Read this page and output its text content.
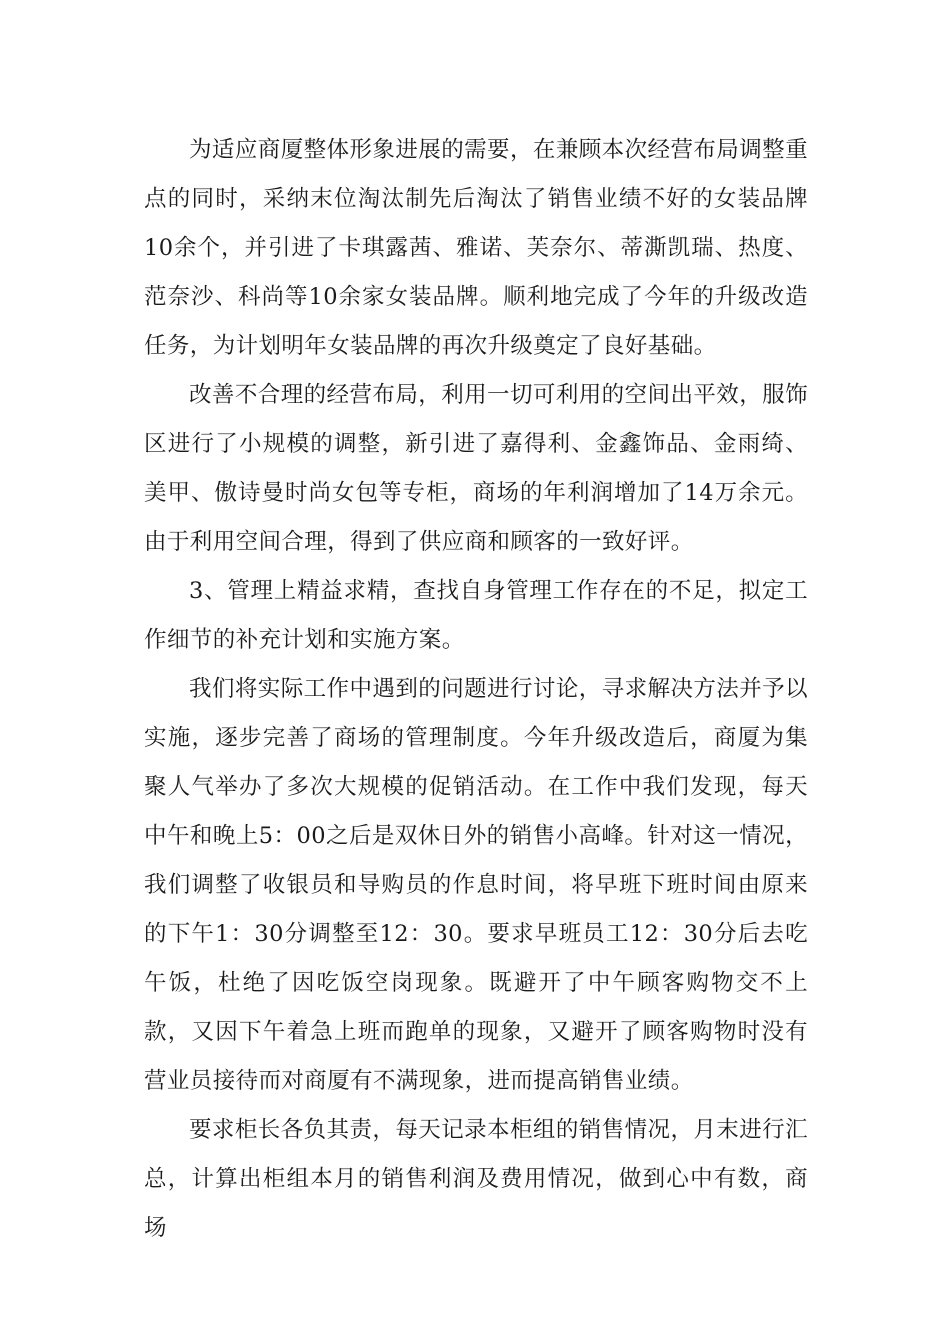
为适应商厦整体形象进展的需要，在兼顾本次经营布局调整重点的同时，采纳末位淘汰制先后淘汰了销售业绩不好的女装品牌10余个，并引进了卡琪露茜、雅诺、芙奈尔、蒂澌凯瑞、热度、范奈沙、科尚等10余家女装品牌。顺利地完成了今年的升级改造任务，为计划明年女装品牌的再次升级奠定了良好基础。

改善不合理的经营布局，利用一切可利用的空间出平效，服饰区进行了小规模的调整，新引进了嘉得利、金鑫饰品、金雨绮、美甲、傲诗曼时尚女包等专柜，商场的年利润增加了14万余元。由于利用空间合理，得到了供应商和顾客的一致好评。

3、管理上精益求精，查找自身管理工作存在的不足，拟定工作细节的补充计划和实施方案。

我们将实际工作中遇到的问题进行讨论，寻求解决方法并予以实施，逐步完善了商场的管理制度。今年升级改造后，商厦为集聚人气举办了多次大规模的促销活动。在工作中我们发现，每天中午和晚上5：00之后是双休日外的销售小高峰。针对这一情况，我们调整了收银员和导购员的作息时间，将早班下班时间由原来的下午1：30分调整至12：30。要求早班员工12：30分后去吃午饭，杜绝了因吃饭空岗现象。既避开了中午顾客购物交不上款，又因下午着急上班而跑单的现象，又避开了顾客购物时没有营业员接待而对商厦有不满现象，进而提高销售业绩。

要求柜长各负其责，每天记录本柜组的销售情况，月末进行汇总，计算出柜组本月的销售利润及费用情况，做到心中有数，商场
